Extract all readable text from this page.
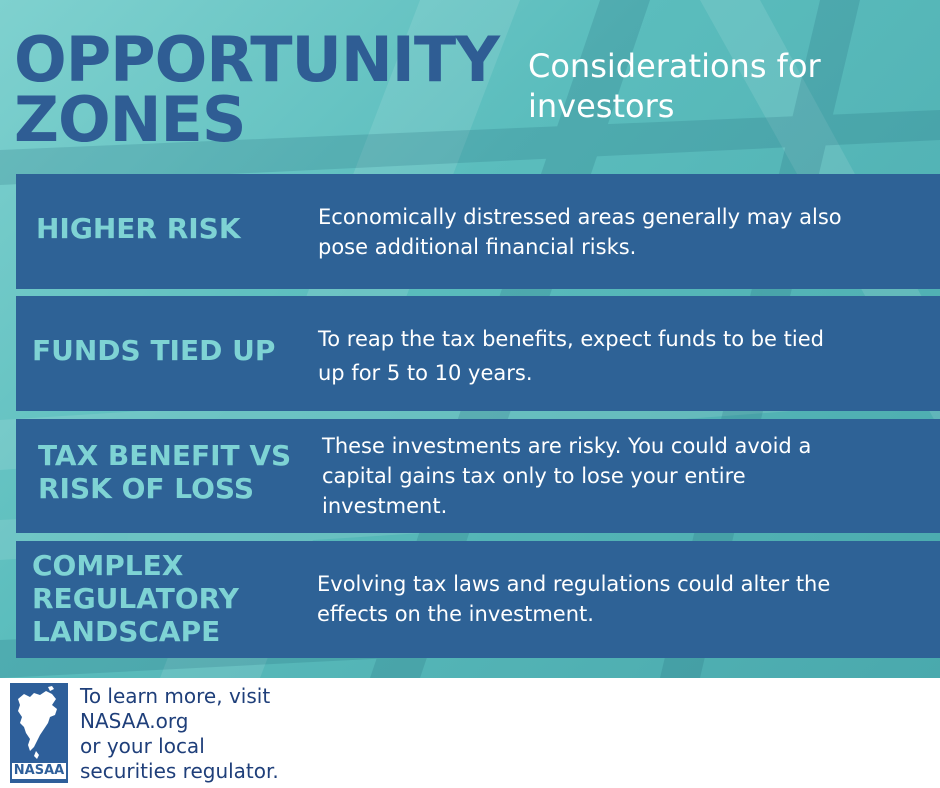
OPPORTUNITY
ZONES

Considerations for
investors

HIGHER RISK	Economically distressed areas generally may also
pose additional financial risks.

FUNDS TIED UP To reap the tax benefits, expect funds to be tied
up for 5 to 10 years.

TAX BENEFIT VS
RISK OF LOSS

These investments are risky. You could avoid a
capital gains tax only to lose your entire
investment.

COMPLEX
REGULATORY
LANDSCAPE

Evolving tax laws and regulations could alter the
effects on the investment.

NASAA

To learn more, visit
NASAA.org
or your local
securities regulator.
